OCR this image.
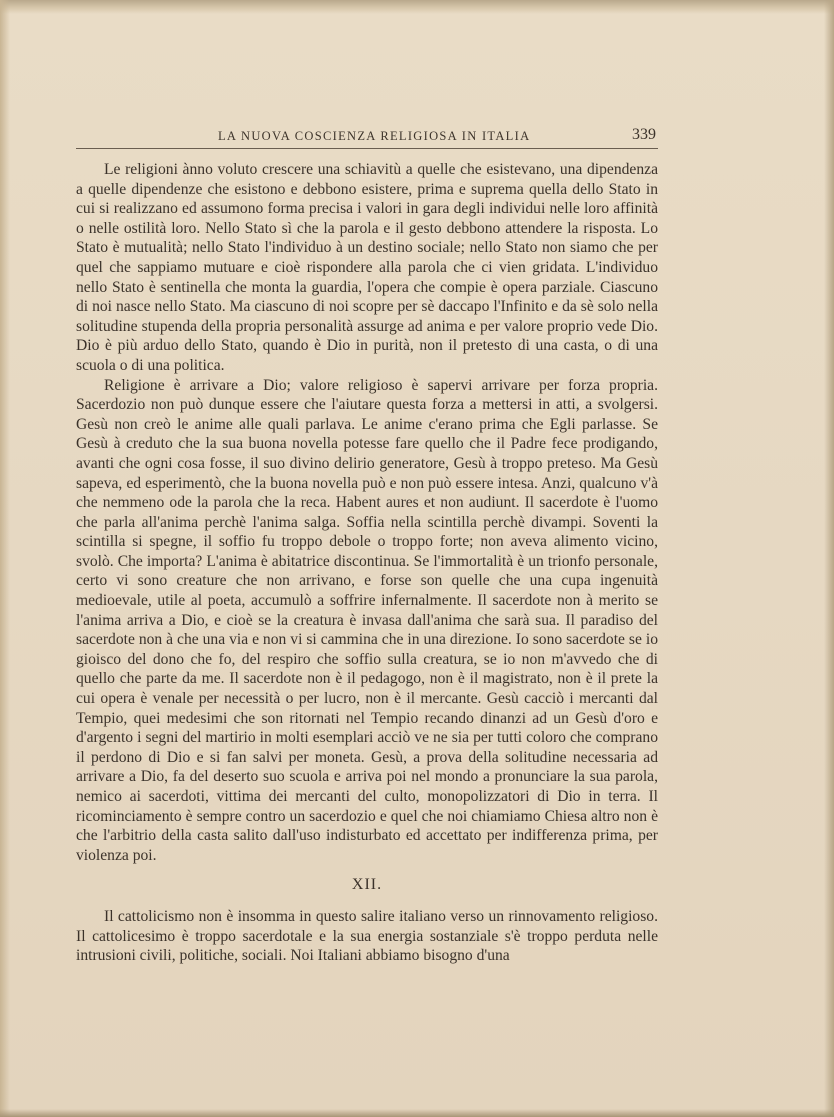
LA NUOVA COSCIENZA RELIGIOSA IN ITALIA	339

Le religioni ànno voluto crescere una schiavitù a quelle che esistevano, una dipendenza a quelle dipendenze che esistono e debbono esistere, prima e suprema quella dello Stato in cui si realizzano ed assumono forma precisa i valori in gara degli individui nelle loro affinità o nelle ostilità loro. Nello Stato sì che la parola e il gesto debbono attendere la risposta. Lo Stato è mutualità; nello Stato l'individuo à un destino sociale; nello Stato non siamo che per quel che sappiamo mutuare e cioè rispondere alla parola che ci vien gridata. L'individuo nello Stato è sentinella che monta la guardia, l'opera che compie è opera parziale. Ciascuno di noi nasce nello Stato. Ma ciascuno di noi scopre per sè daccapo l'Infinito e da sè solo nella solitudine stupenda della propria personalità assurge ad anima e per valore proprio vede Dio. Dio è più arduo dello Stato, quando è Dio in purità, non il pretesto di una casta, o di una scuola o di una politica.

Religione è arrivare a Dio; valore religioso è sapervi arrivare per forza propria. Sacerdozio non può dunque essere che l'aiutare questa forza a mettersi in atti, a svolgersi. Gesù non creò le anime alle quali parlava. Le anime c'erano prima che Egli parlasse. Se Gesù à creduto che la sua buona novella potesse fare quello che il Padre fece prodigando, avanti che ogni cosa fosse, il suo divino delirio generatore, Gesù à troppo preteso. Ma Gesù sapeva, ed esperimentò, che la buona novella può e non può essere intesa. Anzi, qualcuno v'à che nemmeno ode la parola che la reca. Habent aures et non audiunt. Il sacerdote è l'uomo che parla all'anima perchè l'anima salga. Soffia nella scintilla perchè divampi. Soventi la scintilla si spegne, il soffio fu troppo debole o troppo forte; non aveva alimento vicino, svolò. Che importa? L'anima è abitatrice discontinua. Se l'immortalità è un trionfo personale, certo vi sono creature che non arrivano, e forse son quelle che una cupa ingenuità medioevale, utile al poeta, accumulò a soffrire infernalmente. Il sacerdote non à merito se l'anima arriva a Dio, e cioè se la creatura è invasa dall'anima che sarà sua. Il paradiso del sacerdote non à che una via e non vi si cammina che in una direzione. Io sono sacerdote se io gioisco del dono che fo, del respiro che soffio sulla creatura, se io non m'avvedo che di quello che parte da me. Il sacerdote non è il pedagogo, non è il magistrato, non è il prete la cui opera è venale per necessità o per lucro, non è il mercante. Gesù cacciò i mercanti dal Tempio, quei medesimi che son ritornati nel Tempio recando dinanzi ad un Gesù d'oro e d'argento i segni del martirio in molti esemplari acciò ve ne sia per tutti coloro che comprano il perdono di Dio e si fan salvi per moneta. Gesù, a prova della solitudine necessaria ad arrivare a Dio, fa del deserto suo scuola e arriva poi nel mondo a pronunciare la sua parola, nemico ai sacerdoti, vittima dei mercanti del culto, monopolizzatori di Dio in terra. Il ricominciamento è sempre contro un sacerdozio e quel che noi chiamiamo Chiesa altro non è che l'arbitrio della casta salito dall'uso indisturbato ed accettato per indifferenza prima, per violenza poi.

XII.

Il cattolicismo non è insomma in questo salire italiano verso un rinnovamento religioso. Il cattolicesimo è troppo sacerdotale e la sua energia sostanziale s'è troppo perduta nelle intrusioni civili, politiche, sociali. Noi Italiani abbiamo bisogno d'una
